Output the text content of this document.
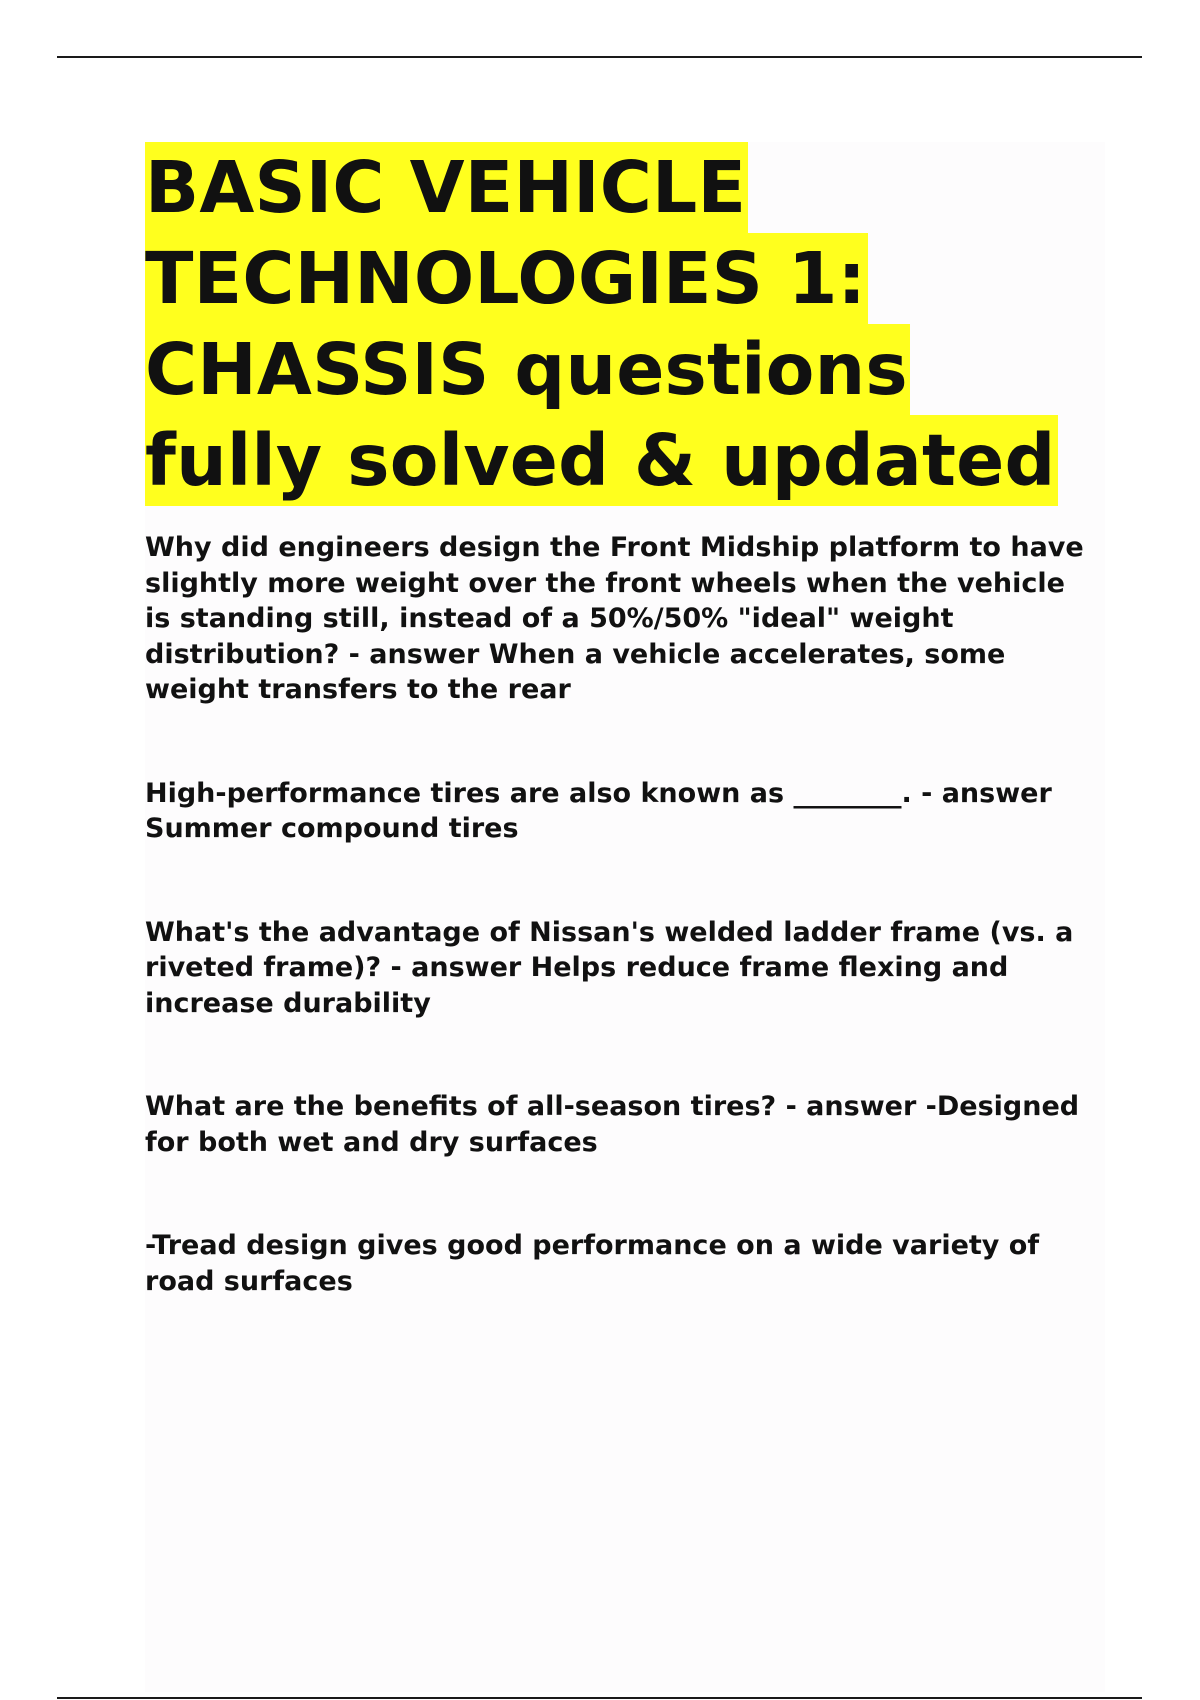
BASIC VEHICLE
TECHNOLOGIES 1:
CHASSIS questions
fully solved & updated

Why did engineers design the Front Midship platform to have slightly more weight over the front wheels when the vehicle is standing still, instead of a 50%/50% "ideal" weight distribution? - answer When a vehicle accelerates, some weight transfers to the rear

High-performance tires are also known as ________. - answer Summer compound tires

What's the advantage of Nissan's welded ladder frame (vs. a riveted frame)? - answer Helps reduce frame flexing and increase durability

What are the benefits of all-season tires? - answer -Designed for both wet and dry surfaces

-Tread design gives good performance on a wide variety of road surfaces
